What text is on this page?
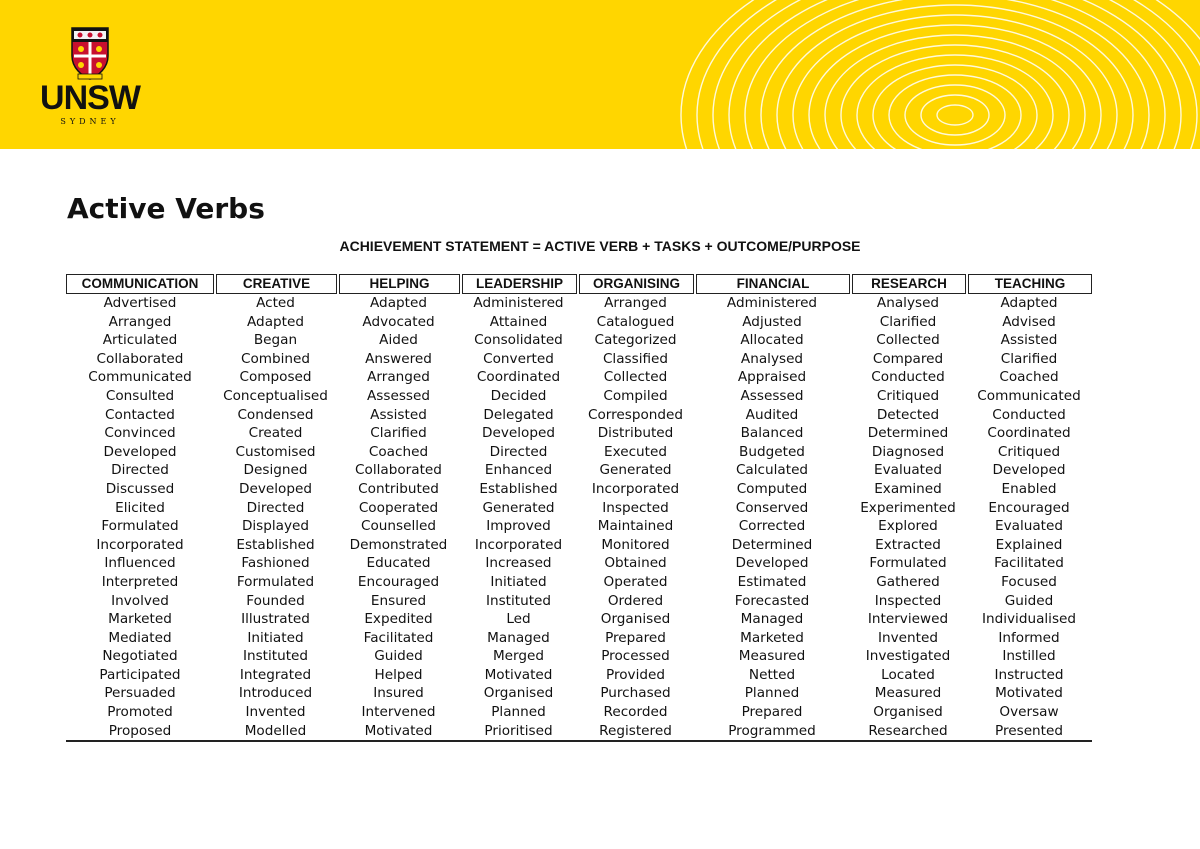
UNSW
SYDNEY
Active Verbs
ACHIEVEMENT STATEMENT = ACTIVE VERB + TASKS + OUTCOME/PURPOSE
COMMUNICATION
Advertised
Arranged
Articulated
Collaborated
Communicated
Consulted
Contacted
Convinced
Developed
Directed
Discussed
Elicited
Formulated
Incorporated
Influenced
Interpreted
Involved
Marketed
Mediated
Negotiated
Participated
Persuaded
Promoted
Proposed
CREATIVE
Acted
Adapted
Began
Combined
Composed
Conceptualised
Condensed
Created
Customised
Designed
Developed
Directed
Displayed
Established
Fashioned
Formulated
Founded
Illustrated
Initiated
Instituted
Integrated
Introduced
Invented
Modelled
HELPING
Adapted
Advocated
Aided
Answered
Arranged
Assessed
Assisted
Clarified
Coached
Collaborated
Contributed
Cooperated
Counselled
Demonstrated
Educated
Encouraged
Ensured
Expedited
Facilitated
Guided
Helped
Insured
Intervened
Motivated
LEADERSHIP
Administered
Attained
Consolidated
Converted
Coordinated
Decided
Delegated
Developed
Directed
Enhanced
Established
Generated
Improved
Incorporated
Increased
Initiated
Instituted
Led
Managed
Merged
Motivated
Organised
Planned
Prioritised
ORGANISING
Arranged
Catalogued
Categorized
Classified
Collected
Compiled
Corresponded
Distributed
Executed
Generated
Incorporated
Inspected
Maintained
Monitored
Obtained
Operated
Ordered
Organised
Prepared
Processed
Provided
Purchased
Recorded
Registered
FINANCIAL
Administered
Adjusted
Allocated
Analysed
Appraised
Assessed
Audited
Balanced
Budgeted
Calculated
Computed
Conserved
Corrected
Determined
Developed
Estimated
Forecasted
Managed
Marketed
Measured
Netted
Planned
Prepared
Programmed
RESEARCH
Analysed
Clarified
Collected
Compared
Conducted
Critiqued
Detected
Determined
Diagnosed
Evaluated
Examined
Experimented
Explored
Extracted
Formulated
Gathered
Inspected
Interviewed
Invented
Investigated
Located
Measured
Organised
Researched
TEACHING
Adapted
Advised
Assisted
Clarified
Coached
Communicated
Conducted
Coordinated
Critiqued
Developed
Enabled
Encouraged
Evaluated
Explained
Facilitated
Focused
Guided
Individualised
Informed
Instilled
Instructed
Motivated
Oversaw
Presented
